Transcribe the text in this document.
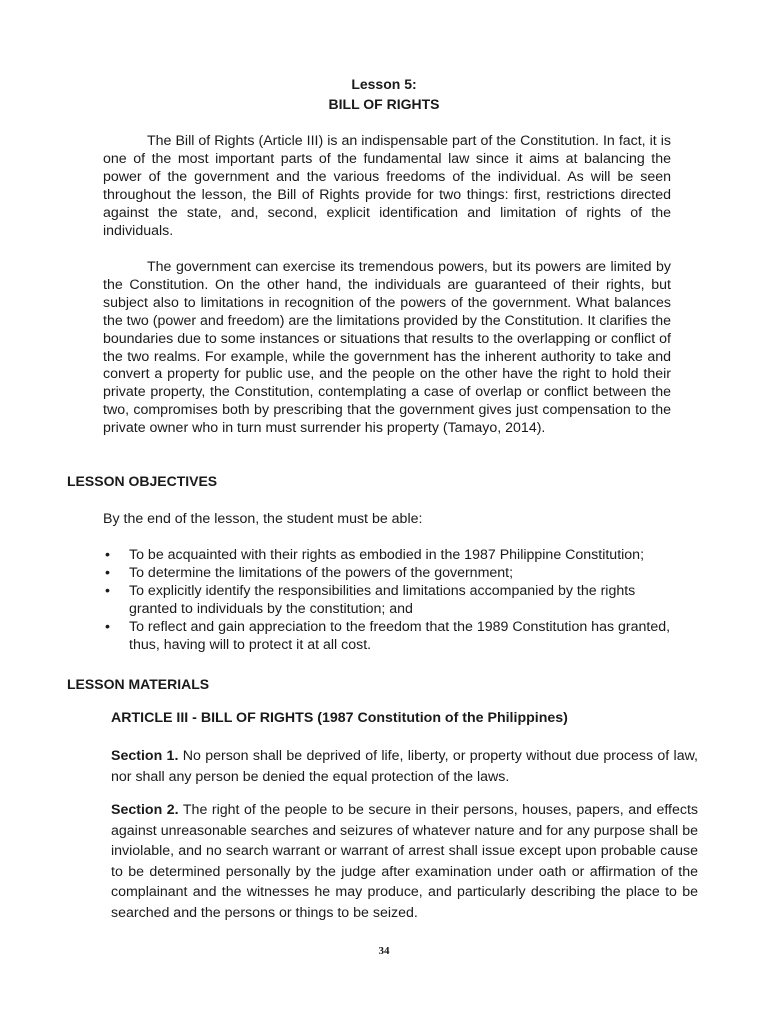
Lesson 5:
BILL OF RIGHTS

The Bill of Rights (Article III) is an indispensable part of the Constitution. In fact, it is one of the most important parts of the fundamental law since it aims at balancing the power of the government and the various freedoms of the individual. As will be seen throughout the lesson, the Bill of Rights provide for two things: first, restrictions directed against the state, and, second, explicit identification and limitation of rights of the individuals.

The government can exercise its tremendous powers, but its powers are limited by the Constitution. On the other hand, the individuals are guaranteed of their rights, but subject also to limitations in recognition of the powers of the government. What balances the two (power and freedom) are the limitations provided by the Constitution. It clarifies the boundaries due to some instances or situations that results to the overlapping or conflict of the two realms. For example, while the government has the inherent authority to take and convert a property for public use, and the people on the other have the right to hold their private property, the Constitution, contemplating a case of overlap or conflict between the two, compromises both by prescribing that the government gives just compensation to the private owner who in turn must surrender his property (Tamayo, 2014).

LESSON OBJECTIVES
By the end of the lesson, the student must be able:
• To be acquainted with their rights as embodied in the 1987 Philippine Constitution;
• To determine the limitations of the powers of the government;
• To explicitly identify the responsibilities and limitations accompanied by the rights granted to individuals by the constitution; and
• To reflect and gain appreciation to the freedom that the 1989 Constitution has granted, thus, having will to protect it at all cost.
LESSON MATERIALS
ARTICLE III - BILL OF RIGHTS (1987 Constitution of the Philippines)

Section 1. No person shall be deprived of life, liberty, or property without due process of law, nor shall any person be denied the equal protection of the laws.

Section 2. The right of the people to be secure in their persons, houses, papers, and effects against unreasonable searches and seizures of whatever nature and for any purpose shall be inviolable, and no search warrant or warrant of arrest shall issue except upon probable cause to be determined personally by the judge after examination under oath or affirmation of the complainant and the witnesses he may produce, and particularly describing the place to be searched and the persons or things to be seized.

34
